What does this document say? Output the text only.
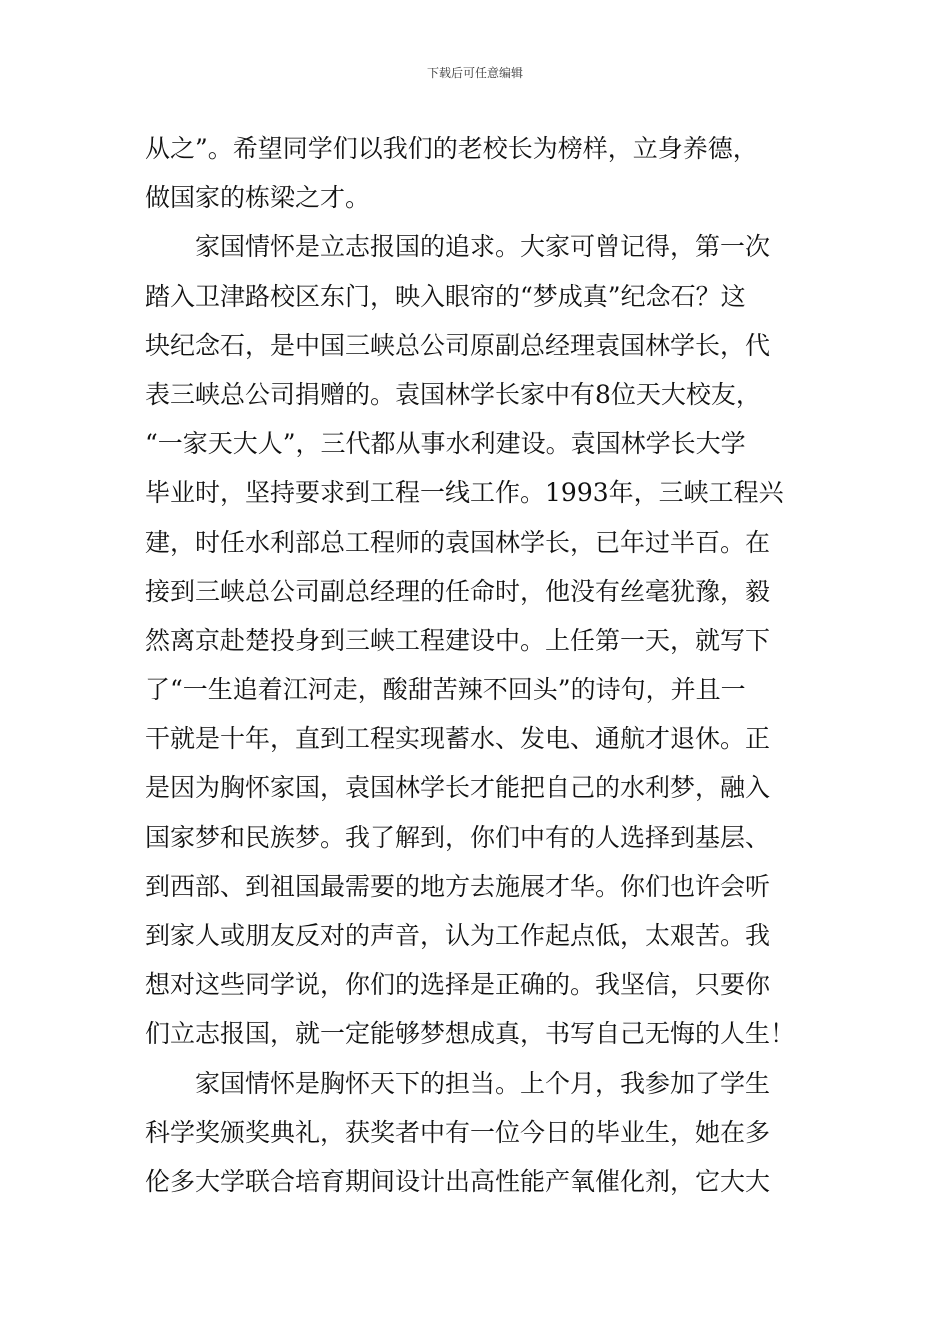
下载后可任意编辑
从之”。希望同学们以我们的老校长为榜样，立身养德，
做国家的栋梁之才。
家国情怀是立志报国的追求。大家可曾记得，第一次
踏入卫津路校区东门，映入眼帘的“梦成真”纪念石？这
块纪念石，是中国三峡总公司原副总经理袁国林学长，代
表三峡总公司捐赠的。袁国林学长家中有8位天大校友，
“一家天大人”，三代都从事水利建设。袁国林学长大学
毕业时，坚持要求到工程一线工作。1993年，三峡工程兴
建，时任水利部总工程师的袁国林学长，已年过半百。在
接到三峡总公司副总经理的任命时，他没有丝毫犹豫，毅
然离京赴楚投身到三峡工程建设中。上任第一天，就写下
了“一生追着江河走，酸甜苦辣不回头”的诗句，并且一
干就是十年，直到工程实现蓄水、发电、通航才退休。正
是因为胸怀家国，袁国林学长才能把自己的水利梦，融入
国家梦和民族梦。我了解到，你们中有的人选择到基层、
到西部、到祖国最需要的地方去施展才华。你们也许会听
到家人或朋友反对的声音，认为工作起点低，太艰苦。我
想对这些同学说，你们的选择是正确的。我坚信，只要你
们立志报国，就一定能够梦想成真，书写自己无悔的人生！
家国情怀是胸怀天下的担当。上个月，我参加了学生
科学奖颁奖典礼，获奖者中有一位今日的毕业生，她在多
伦多大学联合培育期间设计出高性能产氧催化剂，它大大
